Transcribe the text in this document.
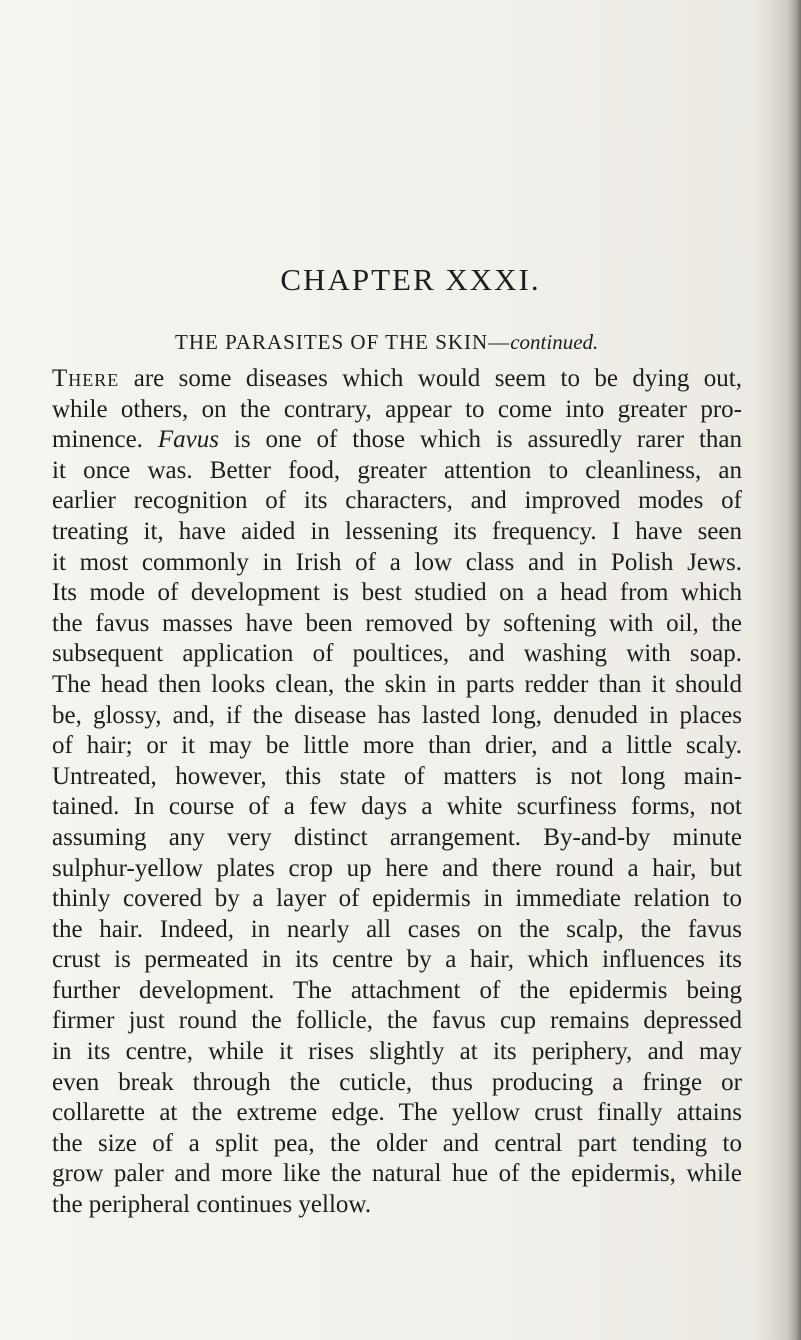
CHAPTER XXXI.
THE PARASITES OF THE SKIN—continued.
There are some diseases which would seem to be dying out,
while others, on the contrary, appear to come into greater pro-
minence. Favus is one of those which is assuredly rarer than
it once was. Better food, greater attention to cleanliness, an
earlier recognition of its characters, and improved modes of
treating it, have aided in lessening its frequency. I have seen
it most commonly in Irish of a low class and in Polish Jews.
Its mode of development is best studied on a head from which
the favus masses have been removed by softening with oil, the
subsequent application of poultices, and washing with soap.
The head then looks clean, the skin in parts redder than it should
be, glossy, and, if the disease has lasted long, denuded in places
of hair; or it may be little more than drier, and a little scaly.
Untreated, however, this state of matters is not long main-
tained. In course of a few days a white scurfiness forms, not
assuming any very distinct arrangement. By-and-by minute
sulphur-yellow plates crop up here and there round a hair, but
thinly covered by a layer of epidermis in immediate relation to
the hair. Indeed, in nearly all cases on the scalp, the favus
crust is permeated in its centre by a hair, which influences its
further development. The attachment of the epidermis being
firmer just round the follicle, the favus cup remains depressed
in its centre, while it rises slightly at its periphery, and may
even break through the cuticle, thus producing a fringe or
collarette at the extreme edge. The yellow crust finally attains
the size of a split pea, the older and central part tending to
grow paler and more like the natural hue of the epidermis, while
the peripheral continues yellow.
